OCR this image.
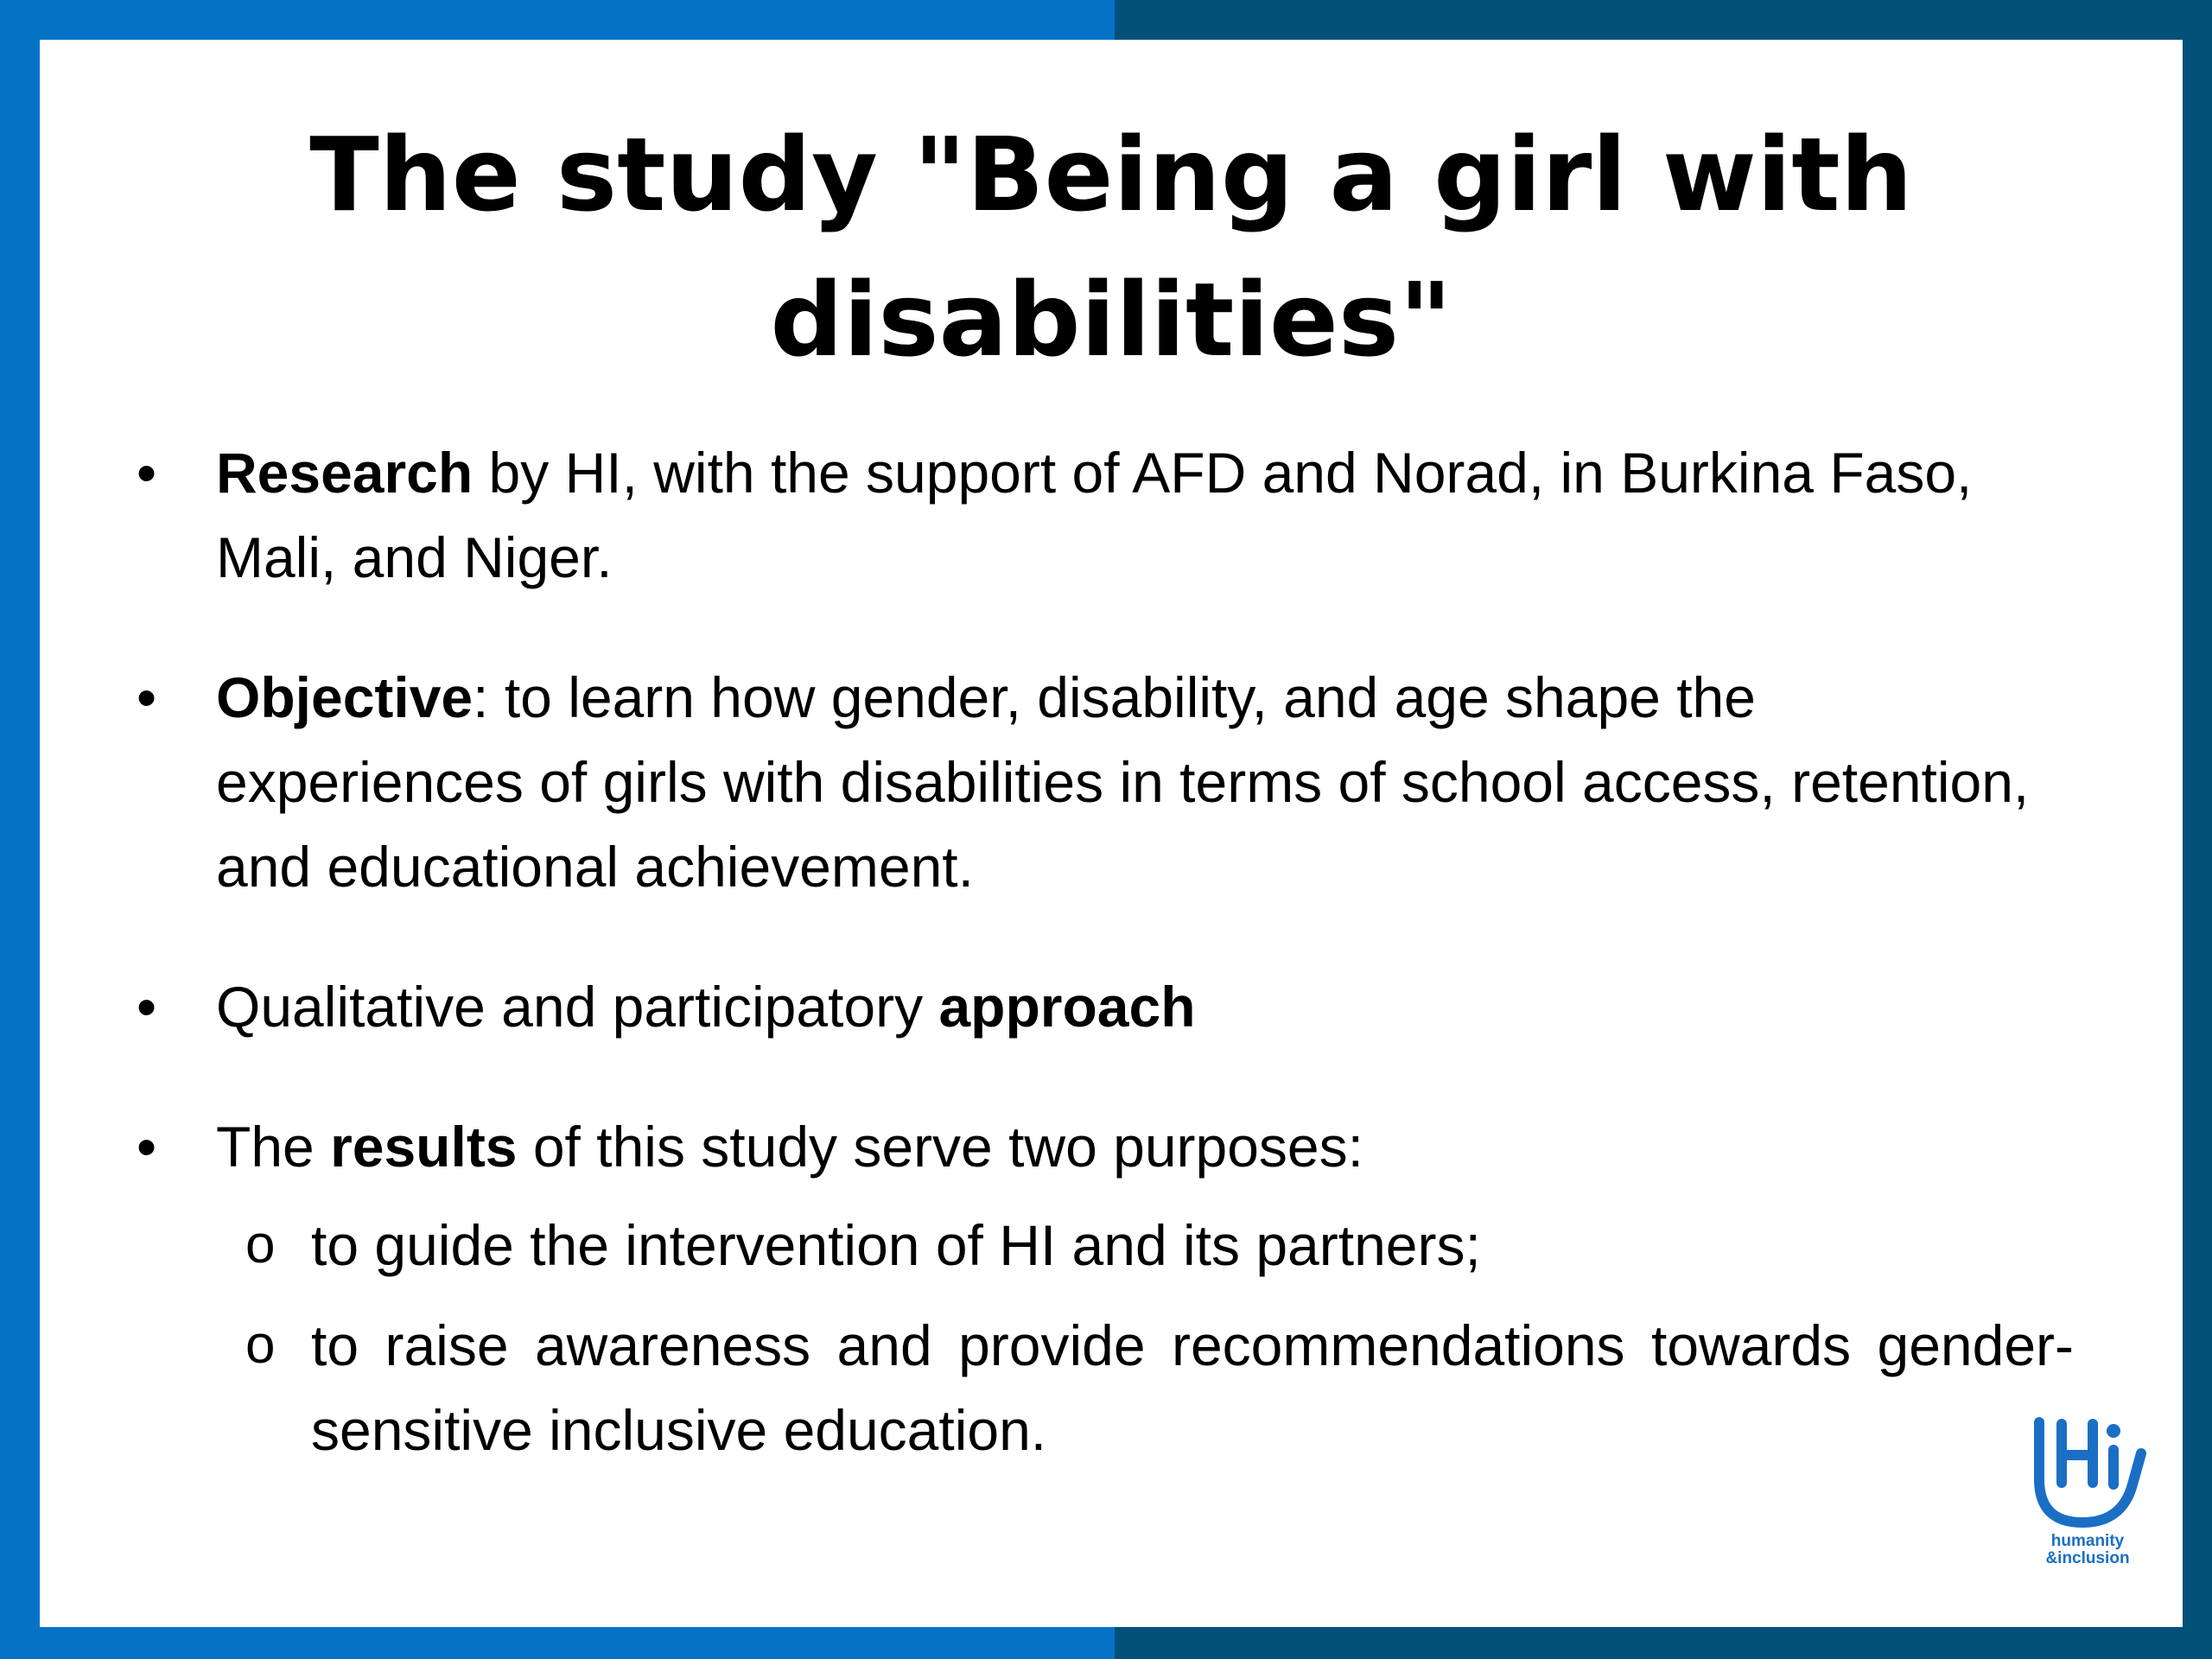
The study "Being a girl with
disabilities"
• Research by HI, with the support of AFD and Norad, in Burkina Faso, Mali, and Niger.
• Objective: to learn how gender, disability, and age shape the experiences of girls with disabilities in terms of school access, retention, and educational achievement.
• Qualitative and participatory approach
• The results of this study serve two purposes:
o to guide the intervention of HI and its partners;
o to raise awareness and provide recommendations towards gender-sensitive inclusive education.
humanity
&inclusion
